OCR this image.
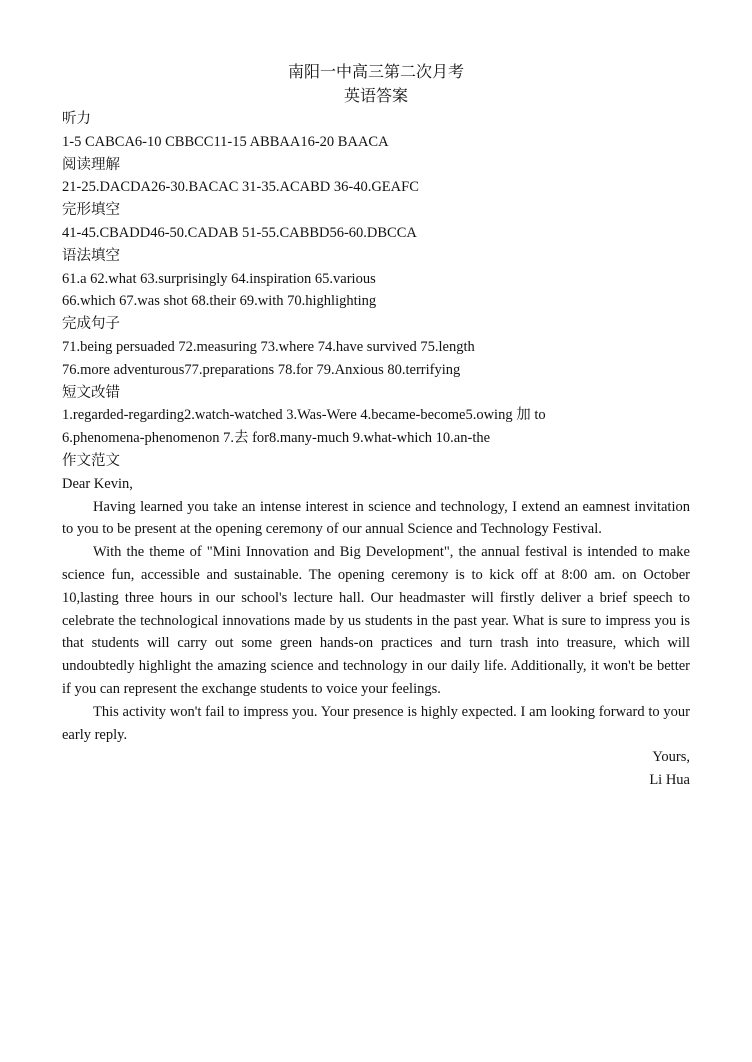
南阳一中高三第二次月考
英语答案
听力
1-5 CABCA6-10 CBBCC11-15 ABBAA16-20 BAACA
阅读理解
21-25.DACDA26-30.BACAC 31-35.ACABD 36-40.GEAFC
完形填空
41-45.CBADD46-50.CADAB 51-55.CABBD56-60.DBCCA
语法填空
61.a 62.what 63.surprisingly 64.inspiration 65.various
66.which 67.was shot 68.their 69.with 70.highlighting
完成句子
71.being persuaded 72.measuring 73.where 74.have survived 75.length
76.more adventurous77.preparations 78.for 79.Anxious 80.terrifying
短文改错
1.regarded-regarding2.watch-watched 3.Was-Were 4.became-become5.owing 加 to
6.phenomena-phenomenon 7.去 for8.many-much 9.what-which 10.an-the
作文范文
Dear Kevin,

Having learned you take an intense interest in science and technology, I extend an eamnest invitation to you to be present at the opening ceremony of our annual Science and Technology Festival.

With the theme of "Mini Innovation and Big Development", the annual festival is intended to make science fun, accessible and sustainable. The opening ceremony is to kick off at 8:00 am. on October 10,lasting three hours in our school's lecture hall. Our headmaster will firstly deliver a brief speech to celebrate the technological innovations made by us students in the past year. What is sure to impress you is that students will carry out some green hands-on practices and turn trash into treasure, which will undoubtedly highlight the amazing science and technology in our daily life. Additionally, it won't be better if you can represent the exchange students to voice your feelings.

This activity won't fail to impress you. Your presence is highly expected. I am looking forward to your early reply.

Yours,
Li Hua
